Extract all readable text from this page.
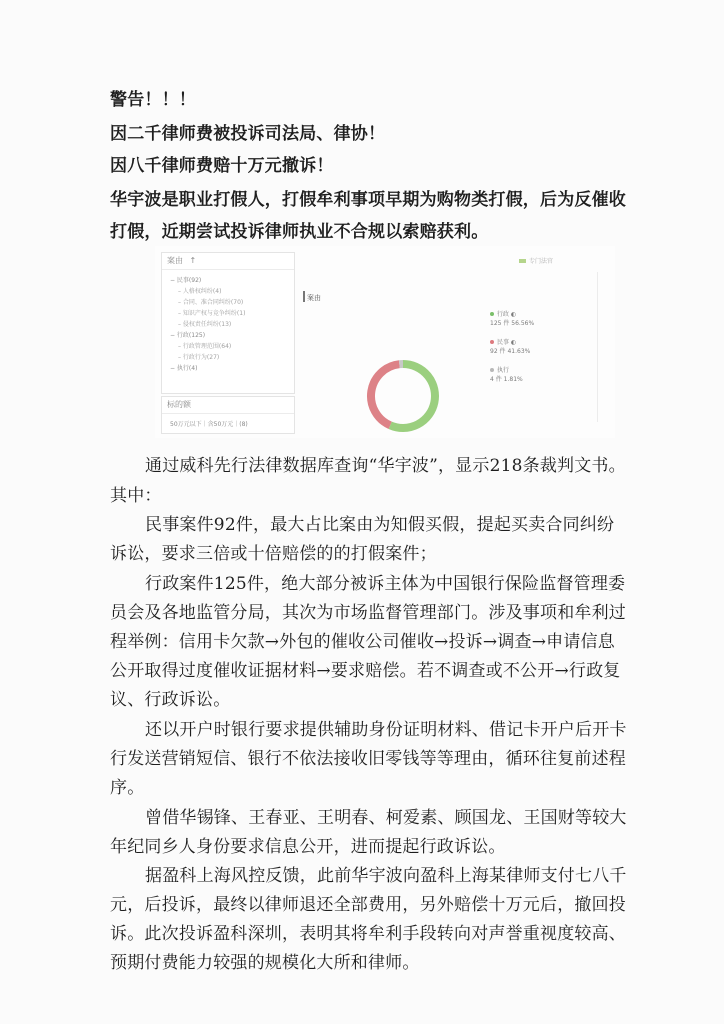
警告！！！

因二千律师费被投诉司法局、律协！

因八千律师费赔十万元撤诉！

华宇波是职业打假人，打假牟利事项早期为购物类打假，后为反催收

打假，近期尝试投诉律师执业不合规以索赔获利。

案由 ↑
− 民事(92)
– 人格权纠纷(4)
– 合同、准合同纠纷(70)
– 知识产权与竞争纠纷(1)
– 侵权责任纠纷(13)
− 行政(125)
– 行政管理范围(64)
– 行政行为(27)
− 执行(4)
标的额
50万元以下｜含50万元｜(8)
案由
专门法官
行政 ◐
125 件 56.56%
民事 ◐
92 件 41.63%
执行
4 件 1.81%

通过威科先行法律数据库查询“华宇波”，显示218条裁判文书。

其中：

民事案件92件，最大占比案由为知假买假，提起买卖合同纠纷

诉讼，要求三倍或十倍赔偿的的打假案件；

行政案件125件，绝大部分被诉主体为中国银行保险监督管理委

员会及各地监管分局，其次为市场监督管理部门。涉及事项和牟利过

程举例：信用卡欠款→外包的催收公司催收→投诉→调查→申请信息

公开取得过度催收证据材料→要求赔偿。若不调查或不公开→行政复

议、行政诉讼。

还以开户时银行要求提供辅助身份证明材料、借记卡开户后开卡

行发送营销短信、银行不依法接收旧零钱等等理由，循环往复前述程

序。

曾借华锡锋、王春亚、王明春、柯爱素、顾国龙、王国财等较大

年纪同乡人身份要求信息公开，进而提起行政诉讼。

据盈科上海风控反馈，此前华宇波向盈科上海某律师支付七八千

元，后投诉，最终以律师退还全部费用，另外赔偿十万元后，撤回投

诉。此次投诉盈科深圳，表明其将牟利手段转向对声誉重视度较高、

预期付费能力较强的规模化大所和律师。
